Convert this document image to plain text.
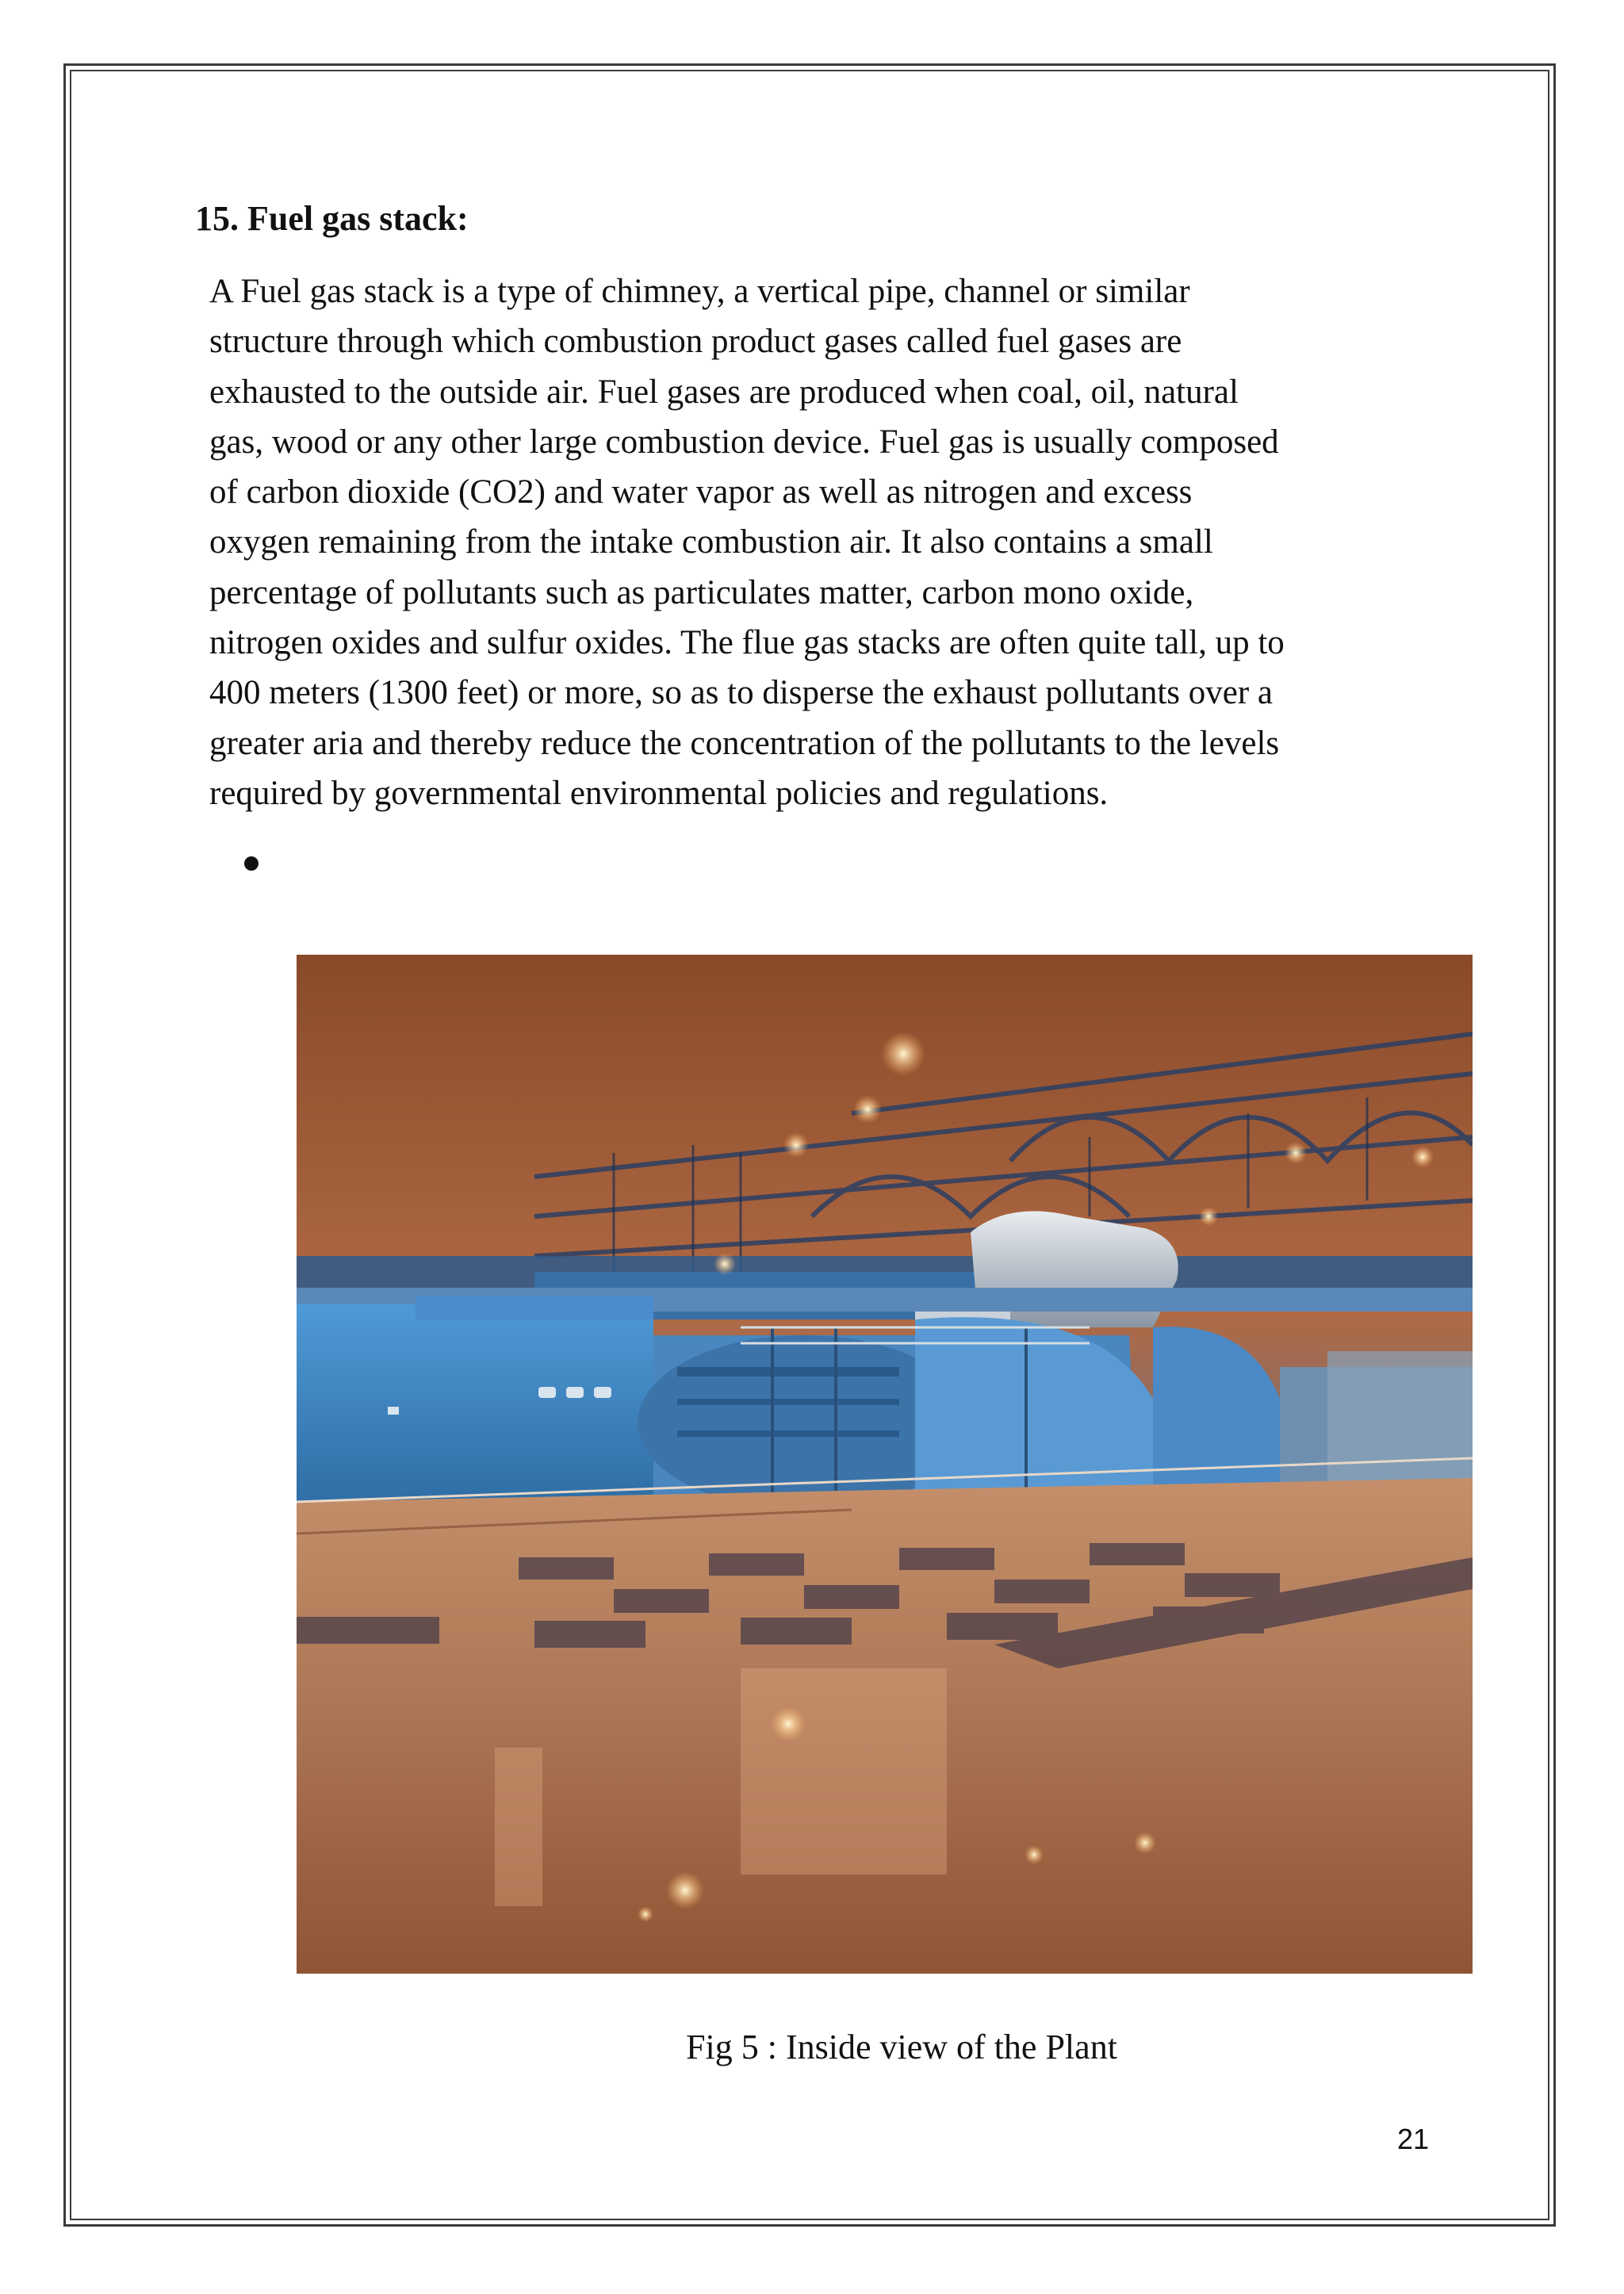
15. Fuel gas stack:
A Fuel gas stack is a type of chimney, a vertical pipe, channel or similar
structure through which combustion product gases called fuel gases are
exhausted to the outside air. Fuel gases are produced when coal, oil, natural
gas, wood or any other large combustion device. Fuel gas is usually composed
of carbon dioxide (CO2) and water vapor as well as nitrogen and excess
oxygen remaining from the intake combustion air. It also contains a small
percentage of pollutants such as particulates matter, carbon mono oxide,
nitrogen oxides and sulfur oxides. The flue gas stacks are often quite tall, up to
400 meters (1300 feet) or more, so as to disperse the exhaust pollutants over a
greater aria and thereby reduce the concentration of the pollutants to the levels
required by governmental environmental policies and regulations.

Fig 5 : Inside view of the Plant

21
